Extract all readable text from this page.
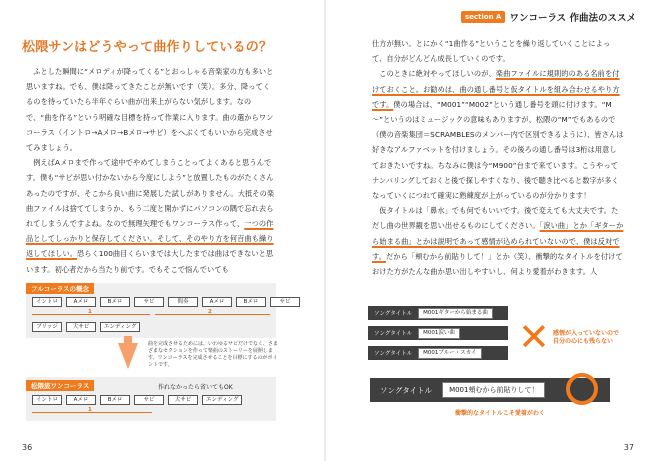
section A ワンコーラス 作曲法のススメ
松隈サンはどうやって曲作りしているの？

ふとした瞬間に“メロディが降ってくる”とおっしゃる音楽家の方も多いと思いますね。でも、僕は降ってきたことが無いです（笑）。多分、降ってくるのを待っていたら半年ぐらい曲が出来上がらない気がします。なので、“曲を作る”という明確な目標を持って作業に入ります。曲の選からワンコーラス（イントロ→Aメロ→Bメロ→サビ）をへぶくてもいいから完成させてみましょう。

例えばAメロまで作って途中でやめてしまうことってよくあると思うんです。僕も“サビが思い付かないから今度にしよう”と放置したものがたくさんあったのですが、そこから良い曲に発展した試しがありません。大抵その楽曲ファイルは捨ててしまうか、もう二度と開かずにパソコンの隅で忘れ去られてしまうんですよね。なので無理矢理でもワンコーラス作って、一つの作品としてしっかりと保存してください。そして、そのやり方を何百曲も繰り返してほしい。恐らく100曲目くらいまでは大したまでは曲はできないと思います。初心者だから当たり前です。でもそこで悩んでいても

フルコーラスの概念
イントロ	Aメロ	Bメロ	サビ	間奏	Aメロ	Bメロ	サビ
1	2
ブリッジ	大サビ	エンディング
曲を完成させるためには、いわゆるサビだけでなく、さまざまなセクションを作って楽曲のストーリーを展開します。ワンコーラスを完成させることを目標にするのがポイントです。
松隈流ワンコーラス	作れなかったら省いてもOK
イントロ	Aメロ	Bメロ	サビ	大サビ	エンディング
1
36

仕方が無い。とにかく“1曲作る”ということを繰り返していくことによって、自分がどんどん成長していくのです。

このときに絶対やってほしいのが、楽曲ファイルに規則的のある名前を付けておくこと。お勧めは、曲の通し番号と仮タイトルを組み合わせるやり方です。僕の場合は、“M001”“M002”という通し番号を頭に付けます。“M～”というのはミュージックの意味もありますが、松隈の“M”でもあるので（僕の音楽集団＝SCRAMBLESのメンバー内で区別できるように）、皆さんは好きなアルファベットを付けましょう。その後ろの通し番号は3桁は用意しておきたいですね。ちなみに僕は今“M900”台まで来ています。こうやってナンバリングしておくと後で探しやすくなり、後で聴き比べると数字が多くなっていくにつれて確実に熟練度が上がっているのが分かります！

仮タイトルは「鼻水」でも何でもいいです。後で変えても大丈夫です。ただし曲の世界観を思い出せるものにしてください。「涙い曲」とか「ギターから始まる曲」とかは説明であって感情が込められていないので、僕は反対です。だから「頬むから前貼りして！」とか（笑）、衝撃的なタイトルを付けておけた方がたんな曲か思い出しやすいし、何より愛着がわきます。人

ソングタイトル	M001ギターから始まる曲
ソングタイトル	M001涙い曲
ソングタイトル	M001ブルー・スカイ ✕ 感情が入っていないので
自分の心にも残らない
ソングタイトル	M001頬むから前貼りして！
衝撃的なタイトルこそ愛着がわく
37
